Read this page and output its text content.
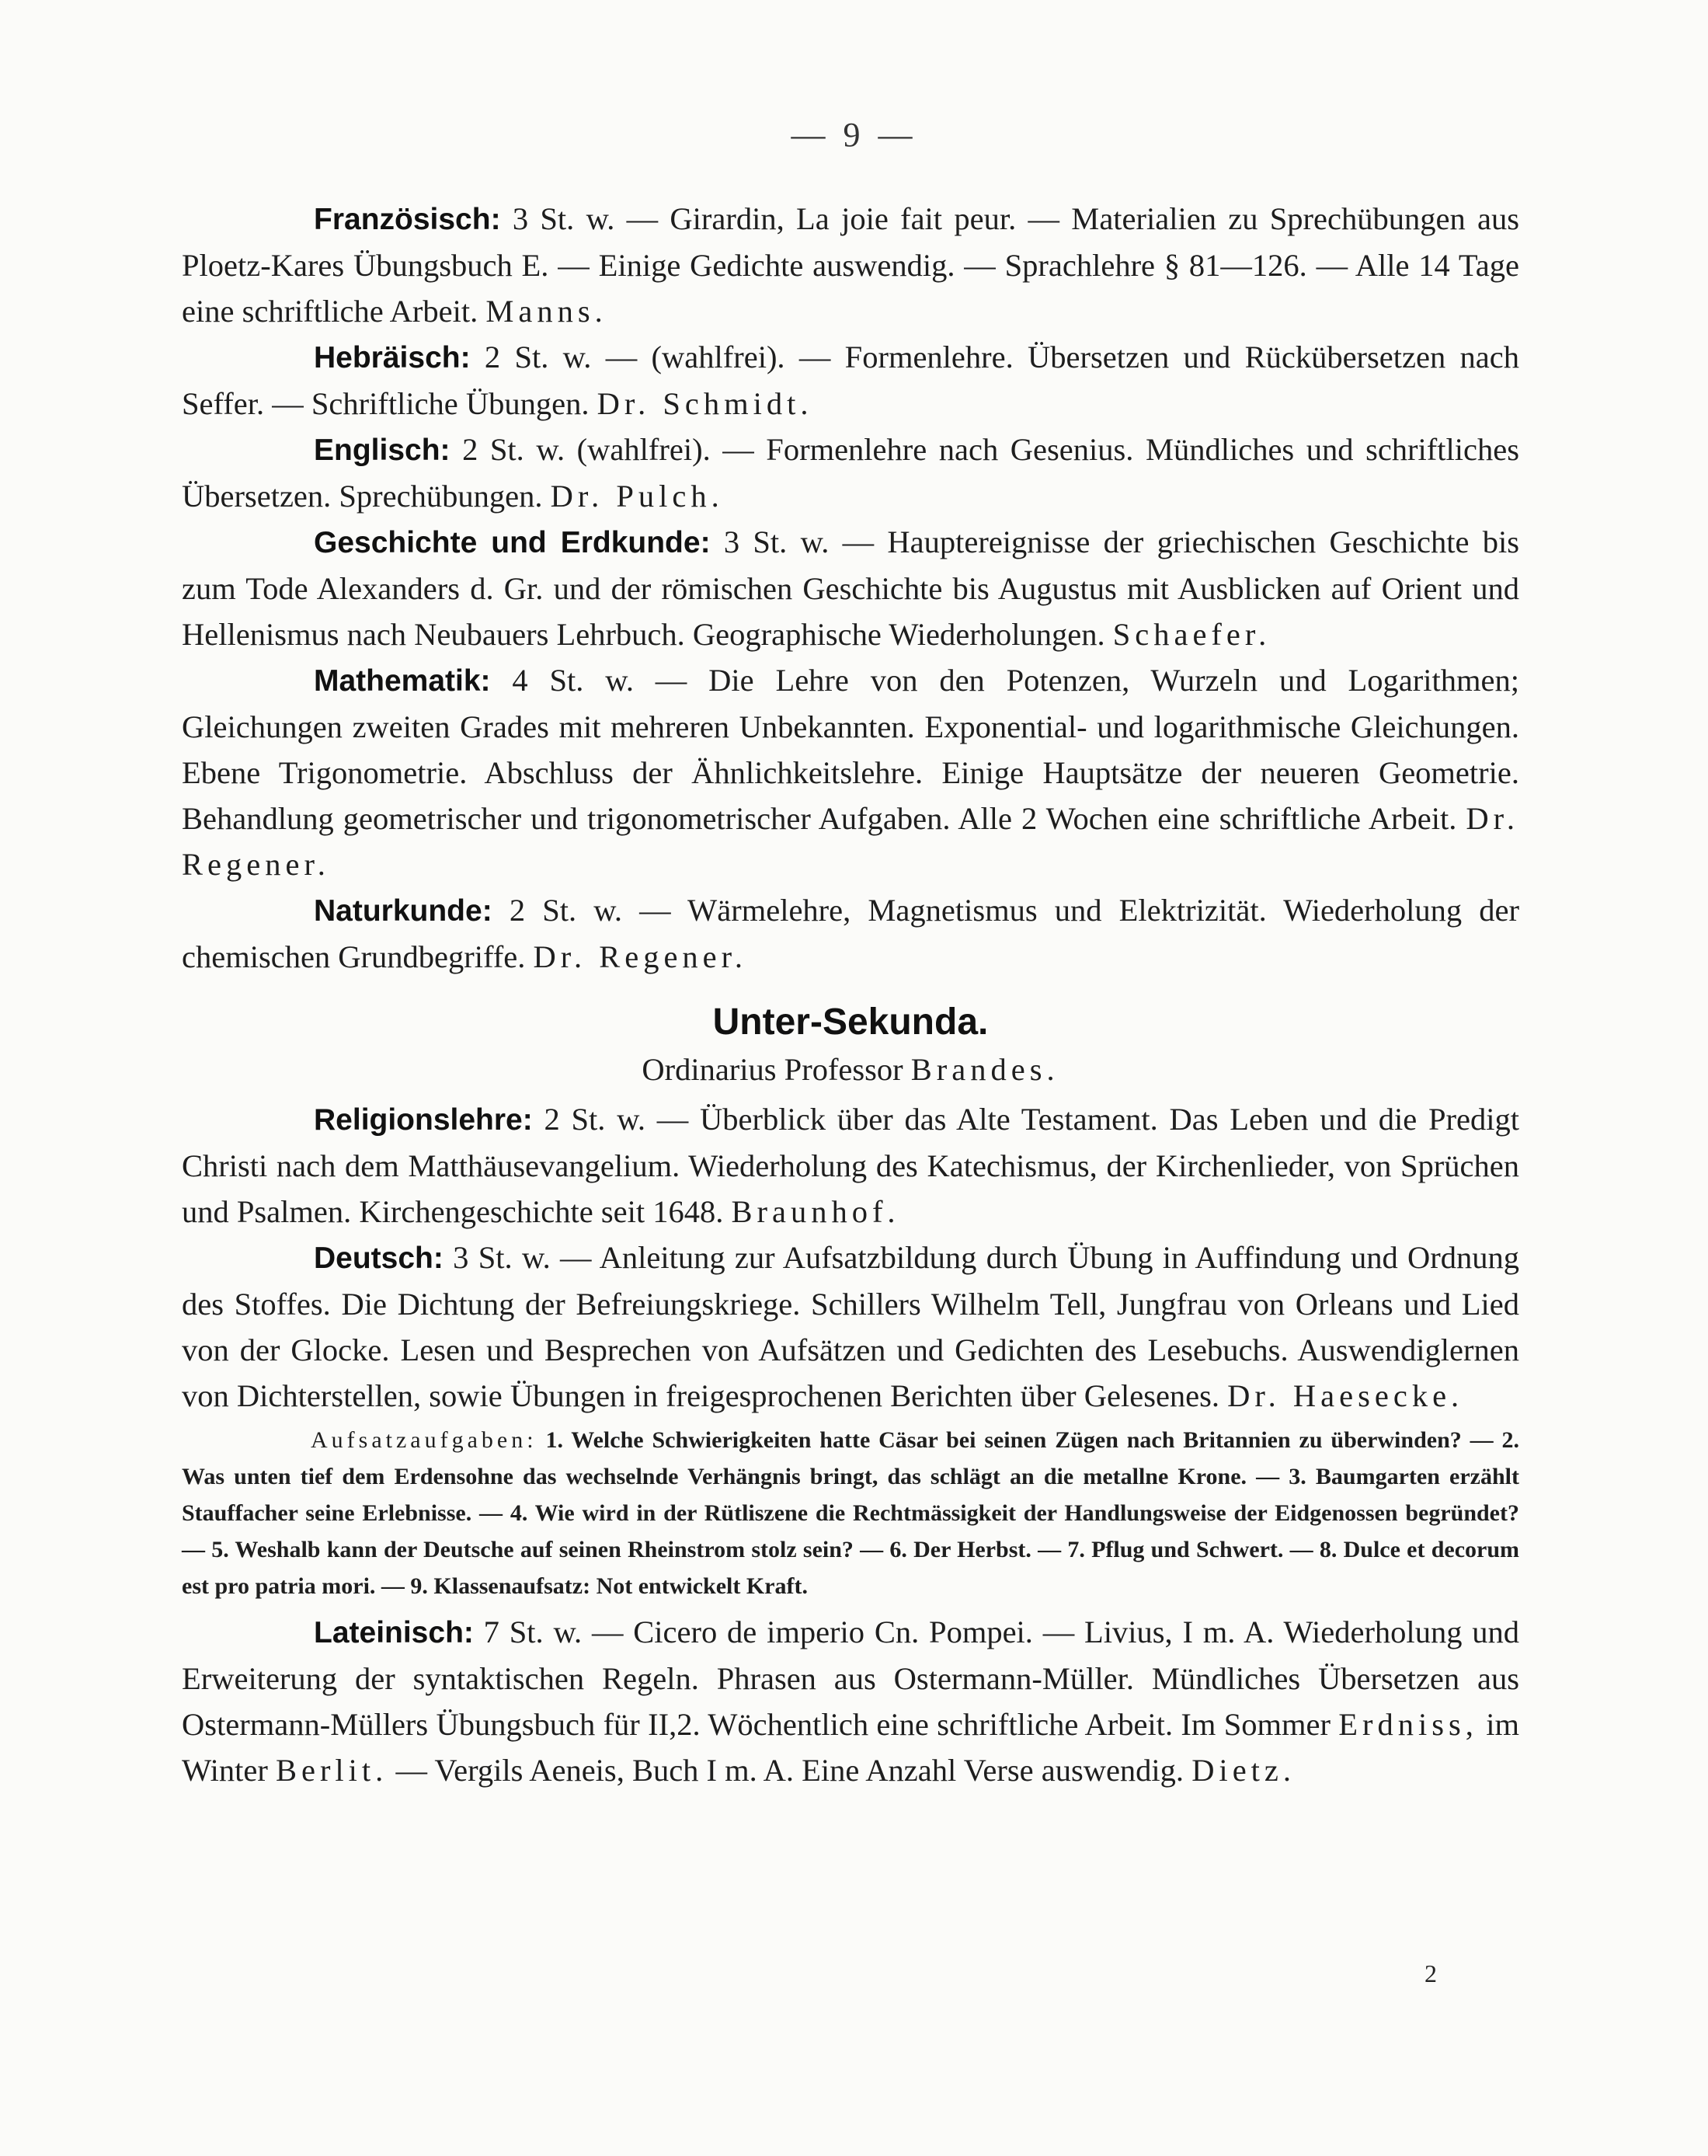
— 9 —

Französisch: 3 St. w. — Girardin, La joie fait peur. — Materialien zu Sprechübungen aus Ploetz-Kares Übungsbuch E. — Einige Gedichte auswendig. — Sprachlehre § 81—126. — Alle 14 Tage eine schriftliche Arbeit. Manns.

Hebräisch: 2 St. w. — (wahlfrei). — Formenlehre. Übersetzen und Rückübersetzen nach Seffer. — Schriftliche Übungen. Dr. Schmidt.

Englisch: 2 St. w. (wahlfrei). — Formenlehre nach Gesenius. Mündliches und schriftliches Übersetzen. Sprechübungen. Dr. Pulch.

Geschichte und Erdkunde: 3 St. w. — Hauptereignisse der griechischen Geschichte bis zum Tode Alexanders d. Gr. und der römischen Geschichte bis Augustus mit Ausblicken auf Orient und Hellenismus nach Neubauers Lehrbuch. Geographische Wiederholungen. Schaefer.

Mathematik: 4 St. w. — Die Lehre von den Potenzen, Wurzeln und Logarithmen; Gleichungen zweiten Grades mit mehreren Unbekannten. Exponential- und logarithmische Gleichungen. Ebene Trigonometrie. Abschluss der Ähnlichkeitslehre. Einige Hauptsätze der neueren Geometrie. Behandlung geometrischer und trigonometrischer Aufgaben. Alle 2 Wochen eine schriftliche Arbeit. Dr. Regener.

Naturkunde: 2 St. w. — Wärmelehre, Magnetismus und Elektrizität. Wiederholung der chemischen Grundbegriffe. Dr. Regener.

Unter-Sekunda.
Ordinarius Professor Brandes.

Religionslehre: 2 St. w. — Überblick über das Alte Testament. Das Leben und die Predigt Christi nach dem Matthäusevangelium. Wiederholung des Katechismus, der Kirchenlieder, von Sprüchen und Psalmen. Kirchengeschichte seit 1648. Braunhof.

Deutsch: 3 St. w. — Anleitung zur Aufsatzbildung durch Übung in Auffindung und Ordnung des Stoffes. Die Dichtung der Befreiungskriege. Schillers Wilhelm Tell, Jungfrau von Orleans und Lied von der Glocke. Lesen und Besprechen von Aufsätzen und Gedichten des Lesebuchs. Auswendiglernen von Dichterstellen, sowie Übungen in freigesprochenen Berichten über Gelesenes. Dr. Haesecke.

Aufsatzaufgaben: 1. Welche Schwierigkeiten hatte Cäsar bei seinen Zügen nach Britannien zu überwinden? — 2. Was unten tief dem Erdensohne das wechselnde Verhängnis bringt, das schlägt an die metallne Krone. — 3. Baumgarten erzählt Stauffacher seine Erlebnisse. — 4. Wie wird in der Rütliszene die Rechtmässigkeit der Handlungsweise der Eidgenossen begründet? — 5. Weshalb kann der Deutsche auf seinen Rheinstrom stolz sein? — 6. Der Herbst. — 7. Pflug und Schwert. — 8. Dulce et decorum est pro patria mori. — 9. Klassenaufsatz: Not entwickelt Kraft.

Lateinisch: 7 St. w. — Cicero de imperio Cn. Pompei. — Livius, I m. A. Wiederholung und Erweiterung der syntaktischen Regeln. Phrasen aus Ostermann-Müller. Mündliches Übersetzen aus Ostermann-Müllers Übungsbuch für II,2. Wöchentlich eine schriftliche Arbeit. Im Sommer Erdniss, im Winter Berlit. — Vergils Aeneis, Buch I m. A. Eine Anzahl Verse auswendig. Dietz.

2
